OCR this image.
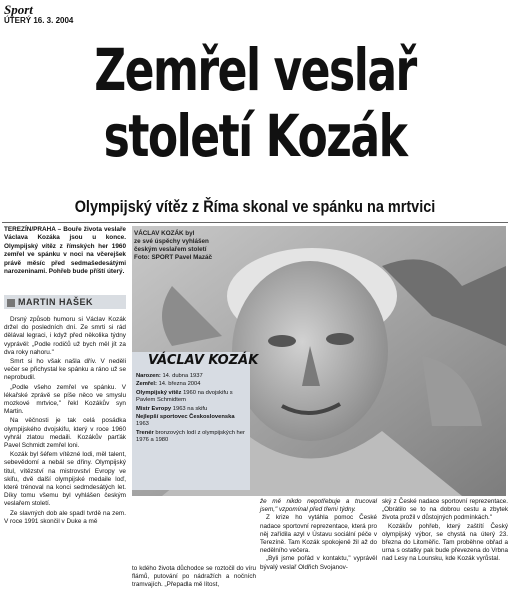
Sport
ÚTERÝ 16. 3. 2004
Zemřel veslař
století Kozák
Olympijský vítěz z Říma skonal ve spánku na mrtvici
TEREZÍN/PRAHA – Bouře života veslaře Václava Kozáka jsou u konce. Olympijský vítěz z římských her 1960 zemřel ve spánku v noci na včerejšek právě měsíc před sedmašedesátými narozeninami. Pohřeb bude příští úterý.
MARTIN HAŠEK

Drsný způsob humoru si Václav Kozák držel do posledních dní. Ze smrti si rád dělával legraci, i když před několika týdny vyprávěl: „Podle rodičů už bych měl jít za dva roky nahoru."

Smrt si ho však našla dřív. V neděli večer se přichystal ke spánku a ráno už se neprobudil.

„Podle všeho zemřel ve spánku. V lékařské zprávě se píše něco ve smyslu mozkové mrtvice," řekl Kozákův syn Martin.

Na věčnosti je tak celá posádka olympijského dvojskifu, který v roce 1960 vyhrál zlatou medaili. Kozákův parťák Pavel Schmidt zemřel loni.

Kozák byl šéfem vítězné lodi, měl talent, sebevědomí a nebál se dřiny. Olympijský titul, vítězství na mistrovství Evropy ve skifu, dvě další olympijské medaile loď, které trénoval na konci sedmdesátých let. Díky tomu všemu byl vyhlášen českým veslařem století.

Ze slavných dob ale spadl tvrdě na zem. V roce 1991 skončil v Duke a mě

VÁCLAV KOZÁK byl
ze své úspěchy vyhlášen
českým veslařem století
Foto: SPORT Pavel Mazáč
VÁCLAV KOZÁK
Narozen: 14. dubna 1937
Zemřel: 14. března 2004
Olympijský vítěz 1960 na dvojskifu s Pavlem Schmidtem
Mistr Evropy 1963 na skifu
Nejlepší sportovec Československa 1963
Trenér bronzových lodí z olympijských her 1976 a 1980

to kdého života důchodce se roztočil do víru flámů, putování po nádražích a nočních tramvajích. „Přepadla mě lítost,

že mě nikdo nepotřebuje a trucoval jsem," vzpomínal před třemi týdny.

Z krize ho vytáhla pomoc České nadace sportovní reprezentace, která pro něj zařídila azyl v Ústavu sociální péče v Terezíně. Tam Kozák spokojeně žil až do nedělního večera.

„Byli jsme pořád v kontaktu," vyprávěl bývalý veslař Oldřich Svojanov-

ský z České nadace sportovní reprezentace. „Obrátilo se to na dobrou cestu a zbytek života prožil v důstojných podmínkách."

Kozákův pohřeb, který zaštítí Český olympijský výbor, se chystá na úterý 23. března do Litoměřic. Tam proběhne obřad a urna s ostatky pak bude převezena do Vrbna nad Lesy na Lounsku, kde Kozák vyrůstal.
